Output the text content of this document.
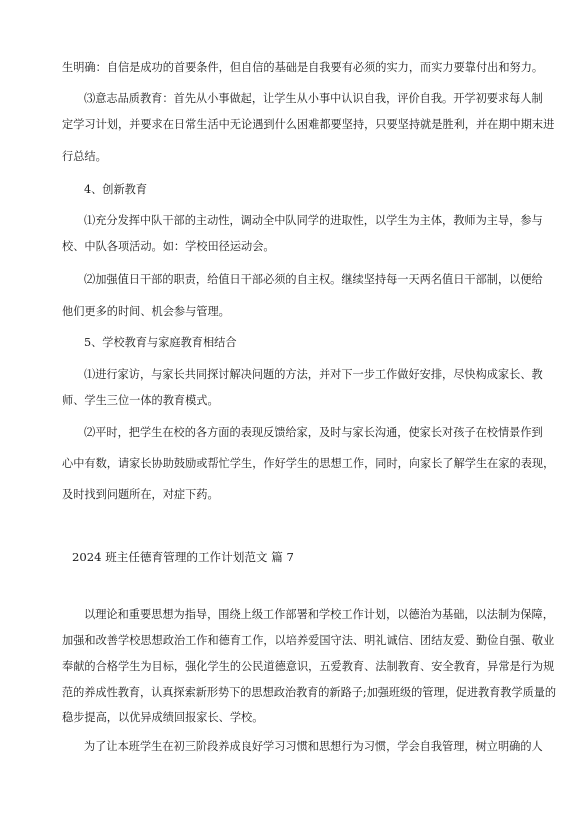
生明确：自信是成功的首要条件，但自信的基础是自我要有必须的实力，而实力要靠付出和努力。
⑶意志品质教育：首先从小事做起，让学生从小事中认识自我，评价自我。开学初要求每人制
定学习计划，并要求在日常生活中无论遇到什么困难都要坚持，只要坚持就是胜利，并在期中期末进
行总结。
4、创新教育
⑴充分发挥中队干部的主动性，调动全中队同学的进取性，以学生为主体，教师为主导，参与
校、中队各项活动。如：学校田径运动会。
⑵加强值日干部的职责，给值日干部必须的自主权。继续坚持每一天两名值日干部制，以便给
他们更多的时间、机会参与管理。
5、学校教育与家庭教育相结合
⑴进行家访，与家长共同探讨解决问题的方法，并对下一步工作做好安排，尽快构成家长、教
师、学生三位一体的教育模式。
⑵平时，把学生在校的各方面的表现反馈给家，及时与家长沟通，使家长对孩子在校情景作到
心中有数，请家长协助鼓励或帮忙学生，作好学生的思想工作，同时，向家长了解学生在家的表现，
及时找到问题所在，对症下药。
2024 班主任德育管理的工作计划范文 篇 7
以理论和重要思想为指导，围绕上级工作部署和学校工作计划，以德治为基础，以法制为保障，
加强和改善学校思想政治工作和德育工作，以培养爱国守法、明礼诚信、团结友爱、勤俭自强、敬业
奉献的合格学生为目标，强化学生的公民道德意识，五爱教育、法制教育、安全教育，异常是行为规
范的养成性教育，认真探索新形势下的思想政治教育的新路子;加强班级的管理，促进教育教学质量的
稳步提高，以优异成绩回报家长、学校。
为了让本班学生在初三阶段养成良好学习习惯和思想行为习惯，学会自我管理，树立明确的人
